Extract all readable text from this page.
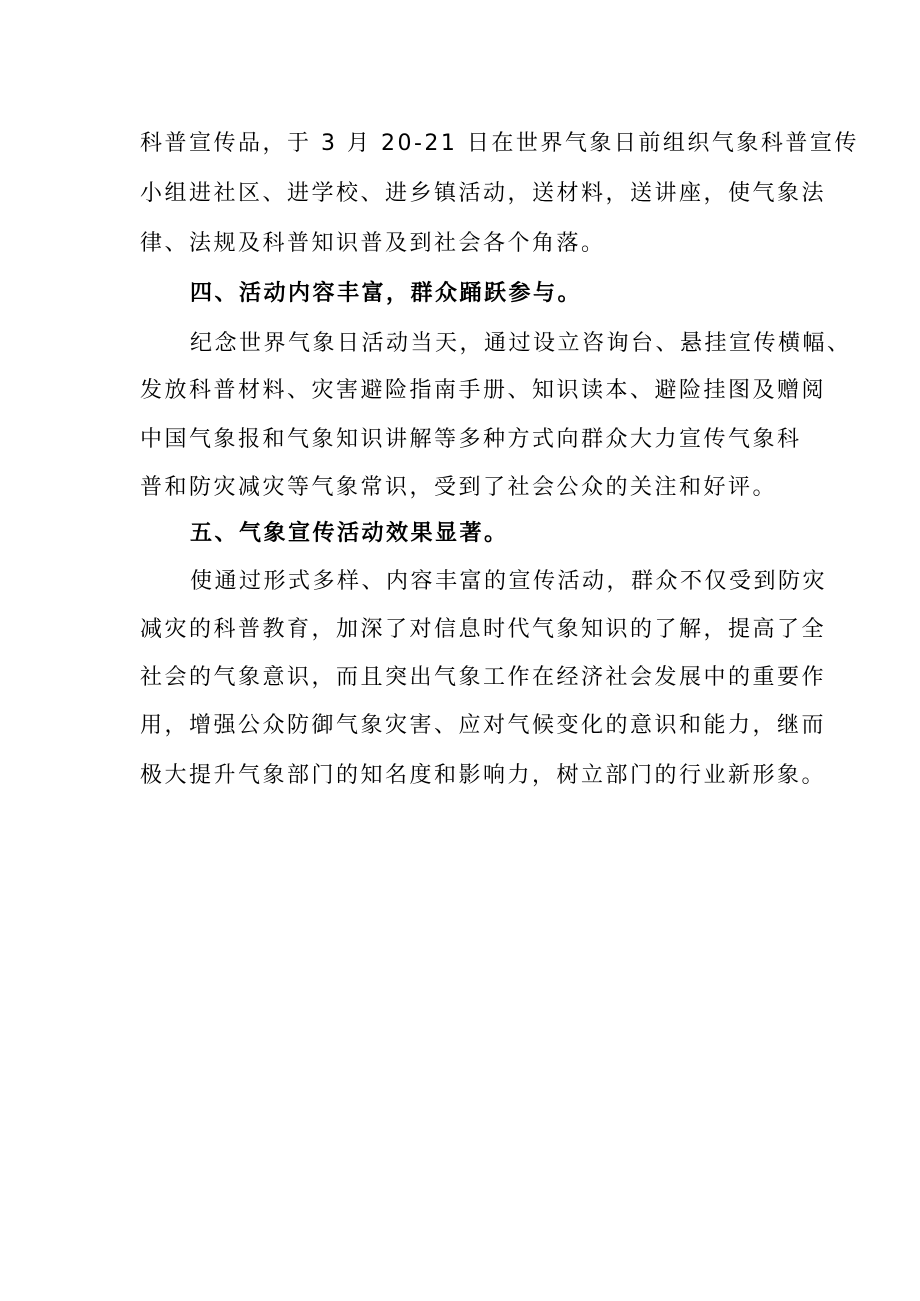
科普宣传品，于 3 月 20-21 日在世界气象日前组织气象科普宣传
小组进社区、进学校、进乡镇活动，送材料，送讲座，使气象法
律、法规及科普知识普及到社会各个角落。
四、活动内容丰富，群众踊跃参与。
纪念世界气象日活动当天，通过设立咨询台、悬挂宣传横幅、
发放科普材料、灾害避险指南手册、知识读本、避险挂图及赠阅
中国气象报和气象知识讲解等多种方式向群众大力宣传气象科
普和防灾减灾等气象常识，受到了社会公众的关注和好评。
五、气象宣传活动效果显著。
使通过形式多样、内容丰富的宣传活动，群众不仅受到防灾
减灾的科普教育，加深了对信息时代气象知识的了解，提高了全
社会的气象意识，而且突出气象工作在经济社会发展中的重要作
用，增强公众防御气象灾害、应对气候变化的意识和能力，继而
极大提升气象部门的知名度和影响力，树立部门的行业新形象。
